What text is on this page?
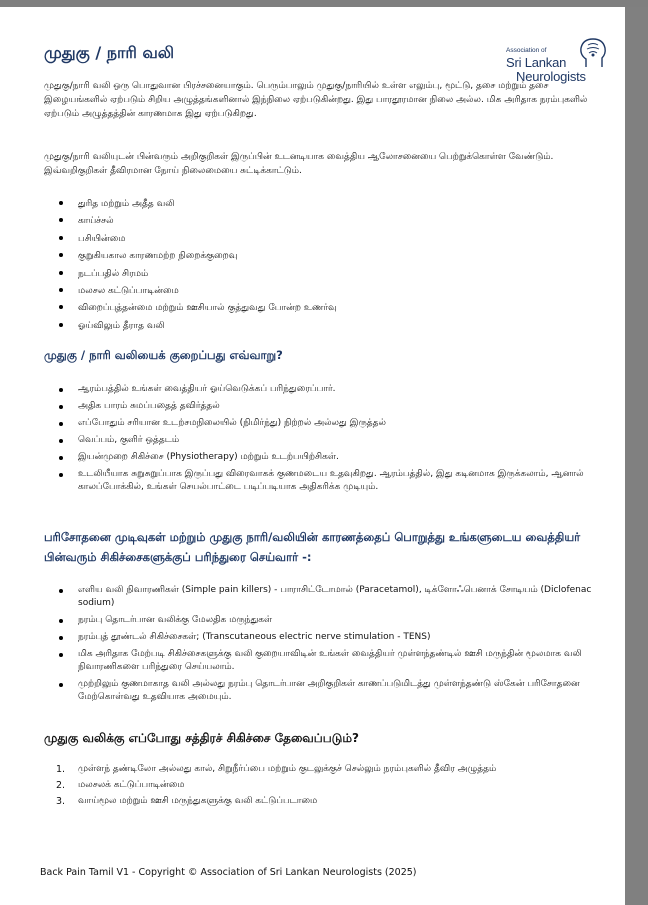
முதுகு / நாரி வலி	Association of
Sri Lankan
Neurologists

முதுகு/நாரி வலி ஒரு பொதுவான பிரச்சனையாகும். பெரும்பாலும் முதுகு/நாரியில் உள்ள எலும்பு, மூட்டு, தசை மற்றும் தசை இழையங்களில் ஏற்படும் சிறிய அழுத்தங்களினால் இந்நிலை ஏற்படுகின்றது. இது பாரதூரமான நிலை அல்ல. மிக அரிதாக நரம்புகளில் ஏற்படும் அழுத்தத்தின் காரணமாக இது ஏற்படுகிறது.

முதுகு/நாரி வலியுடன் பின்வரும் அறிகுறிகள் இருப்பின் உடனடியாக வைத்திய ஆலோசனையை பெற்றுக்கொள்ள வேண்டும். இவ்வறிகுறிகள் தீவிரமான நோய் நிலைமையை சுட்டிக்காட்டும்.

துரித மற்றும் அதீத வலி
காய்ச்சல்
பசியின்மை
குறுகியகால காரணமற்ற நிறைக்குறைவு
நடப்பதில் சிரமம்
மலசல கட்டுப்பாடின்மை
விறைப்புத்தன்மை மற்றும் ஊசியால் குத்துவது போன்ற உணர்வு
ஓய்விலும் தீராத வலி
முதுகு / நாரி வலியைக் குறைப்பது எவ்வாறு?
ஆரம்பத்தில் உங்கள் வைத்தியர் ஓய்வெடுக்கப் பரிந்துரைப்பார்.
அதிக பாரம் சுமப்பதைத் தவிர்த்தல்
எப்போதும் சரியான உடற்சமநிலையில் (நிமிர்ந்து) நிற்றல் அல்லது இருத்தல்
வெப்பம், குளிர் ஒத்தடம்
இயன்முறை சிகிச்சை (Physiotherapy) மற்றும் உடற்பயிற்சிகள்.
உடலியீயாக சுறுசுறுப்பாக இருப்பது விரைவாகக் குணமடைய உதவுகிறது. ஆரம்பத்தில், இது கடினமாக இருக்கலாம், ஆனால் காலப்போக்கில், உங்கள் செயல்பாட்டை படிப்படியாக அதிகரிக்க முடியும்.
பரிசோதனை முடிவுகள் மற்றும் முதுகு நாரி/வலியின் காரணத்தைப் பொறுத்து உங்களுடைய வைத்தியர் பின்வரும் சிகிச்சைகளுக்குப் பரிந்துரை செய்வார் -:
எளிய வலி நிவாரணிகள் (Simple pain killers) - பாராசிட்டோமால் (Paracetamol), டிக்ளோஃபெனாக் சோடியம் (Diclofenac sodium)
நரம்பு தொடர்பான வலிக்கு மேலதிக மருந்துகள்
நரம்புத் தூண்டல் சிகிச்சைகள்; (Transcutaneous electric nerve stimulation - TENS)
மிக அரிதாக மேற்படி சிகிச்சைகளுக்கு வலி குறையாவிடின் உங்கள் வைத்தியர் முள்ளந்தண்டில் ஊசி மருந்தின் மூலமாக வலி நிவாரணிகளை பரிந்துரை செய்யலாம்.
முற்றிலும் குணமாகாத வலி அல்லது நரம்பு தொடர்பான அறிகுறிகள் காணப்படுமிடத்து முள்ளந்தண்டு ஸ்கேன் பரிசோதனை மேற்கொள்வது உதவியாக அமையும்.
முதுகு வலிக்கு எப்போது சத்திரச் சிகிச்சை தேவைப்படும்?
1. முள்ளந் தண்டிலோ அல்லது கால், சிறுநீர்ப்பை மற்றும் குடலுக்குச் செல்லும் நரம்புகளில் தீவிர அழுத்தம்
2. மலசலக் கட்டுப்பாடின்மை
3. வாய்மூல மற்றும் ஊசி மருந்துகளுக்கு வலி கட்டுப்படாமை
Back Pain Tamil V1 - Copyright © Association of Sri Lankan Neurologists (2025)
